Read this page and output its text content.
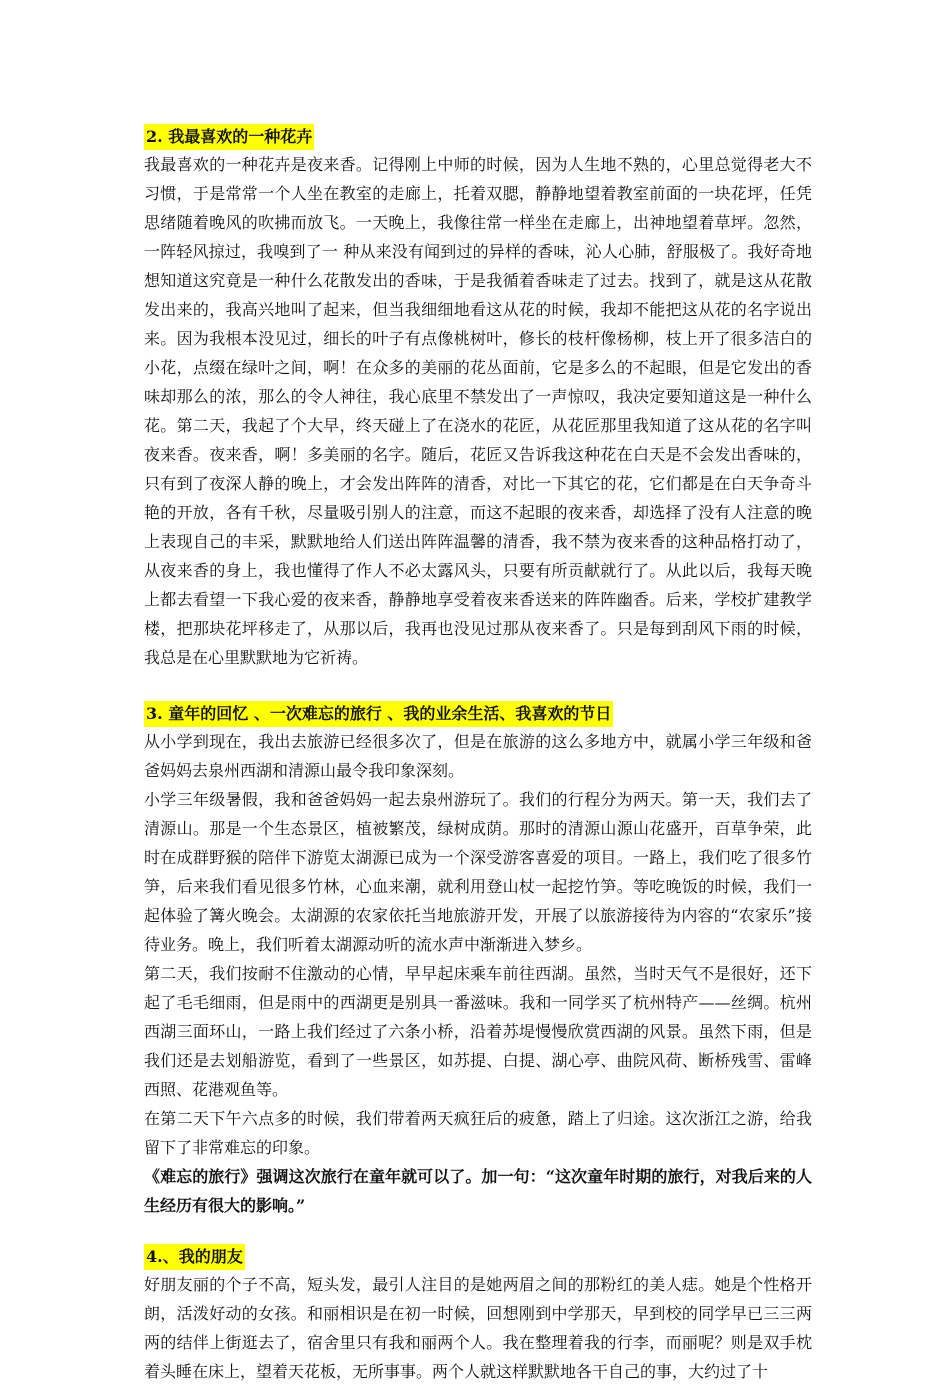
2. 我最喜欢的一种花卉

我最喜欢的一种花卉是夜来香。记得刚上中师的时候，因为人生地不熟的，心里总觉得老大不习惯，于是常常一个人坐在教室的走廊上，托着双腮，静静地望着教室前面的一块花坪，任凭思绪随着晚风的吹拂而放飞。一天晚上，我像往常一样坐在走廊上，出神地望着草坪。忽然，一阵轻风掠过，我嗅到了一 种从来没有闻到过的异样的香味，沁人心肺，舒服极了。我好奇地想知道这究竟是一种什么花散发出的香味，于是我循着香味走了过去。找到了，就是这从花散发出来的，我高兴地叫了起来，但当我细细地看这从花的时候，我却不能把这从花的名字说出来。因为我根本没见过，细长的叶子有点像桃树叶，修长的枝杆像杨柳，枝上开了很多洁白的小花，点缀在绿叶之间，啊！在众多的美丽的花丛面前，它是多么的不起眼，但是它发出的香味却那么的浓，那么的令人神往，我心底里不禁发出了一声惊叹，我决定要知道这是一种什么花。第二天，我起了个大早，终天碰上了在浇水的花匠，从花匠那里我知道了这从花的名字叫 夜来香。夜来香，啊！多美丽的名字。随后，花匠又告诉我这种花在白天是不会发出香味的，只有到了夜深人静的晚上，才会发出阵阵的清香，对比一下其它的花，它们都是在白天争奇斗艳的开放，各有千秋，尽量吸引别人的注意，而这不起眼的夜来香，却选择了没有人注意的晚上表现自己的丰采，默默地给人们送出阵阵温馨的清香，我不禁为夜来香的这种品格打动了，从夜来香的身上，我也懂得了作人不必太露风头，只要有所贡献就行了。从此以后，我每天晚上都去看望一下我心爱的夜来香，静静地享受着夜来香送来的阵阵幽香。后来，学校扩建教学楼，把那块花坪移走了，从那以后，我再也没见过那从夜来香了。只是每到刮风下雨的时候，我总是在心里默默地为它祈祷。

3. 童年的回忆 、一次难忘的旅行 、我的业余生活、我喜欢的节日

从小学到现在，我出去旅游已经很多次了，但是在旅游的这么多地方中，就属小学三年级和爸爸妈妈去泉州西湖和清源山最令我印象深刻。

小学三年级暑假，我和爸爸妈妈一起去泉州游玩了。我们的行程分为两天。第一天，我们去了清源山。那是一个生态景区，植被繁茂，绿树成荫。那时的清源山源山花盛开，百草争荣，此时在成群野猴的陪伴下游览太湖源已成为一个深受游客喜爱的项目。一路上，我们吃了很多竹笋，后来我们看见很多竹林，心血来潮，就利用登山杖一起挖竹笋。等吃晚饭的时候，我们一起体验了篝火晚会。太湖源的农家依托当地旅游开发，开展了以旅游接待为内容的“农家乐”接待业务。晚上，我们听着太湖源动听的流水声中渐渐进入梦乡。

第二天，我们按耐不住激动的心情，早早起床乘车前往西湖。虽然，当时天气不是很好，还下起了毛毛细雨，但是雨中的西湖更是别具一番滋味。我和一同学买了杭州特产——丝绸。杭州西湖三面环山，一路上我们经过了六条小桥，沿着苏堤慢慢欣赏西湖的风景。虽然下雨，但是我们还是去划船游览，看到了一些景区，如苏提、白提、湖心亭、曲院风荷、断桥残雪、雷峰西照、花港观鱼等。

在第二天下午六点多的时候，我们带着两天疯狂后的疲惫，踏上了归途。这次浙江之游，给我留下了非常难忘的印象。

《难忘的旅行》强调这次旅行在童年就可以了。加一句：“这次童年时期的旅行，对我后来的人生经历有很大的影响。”

4.、我的朋友

好朋友丽的个子不高，短头发，最引人注目的是她两眉之间的那粉红的美人痣。她是个性格开朗，活泼好动的女孩。和丽相识是在初一时候，回想刚到中学那天，早到校的同学早已三三两两的结伴上街逛去了，宿舍里只有我和丽两个人。我在整理着我的行李，而丽呢？则是双手枕着头睡在床上，望着天花板，无所事事。两个人就这样默默地各干自己的事，大约过了十
